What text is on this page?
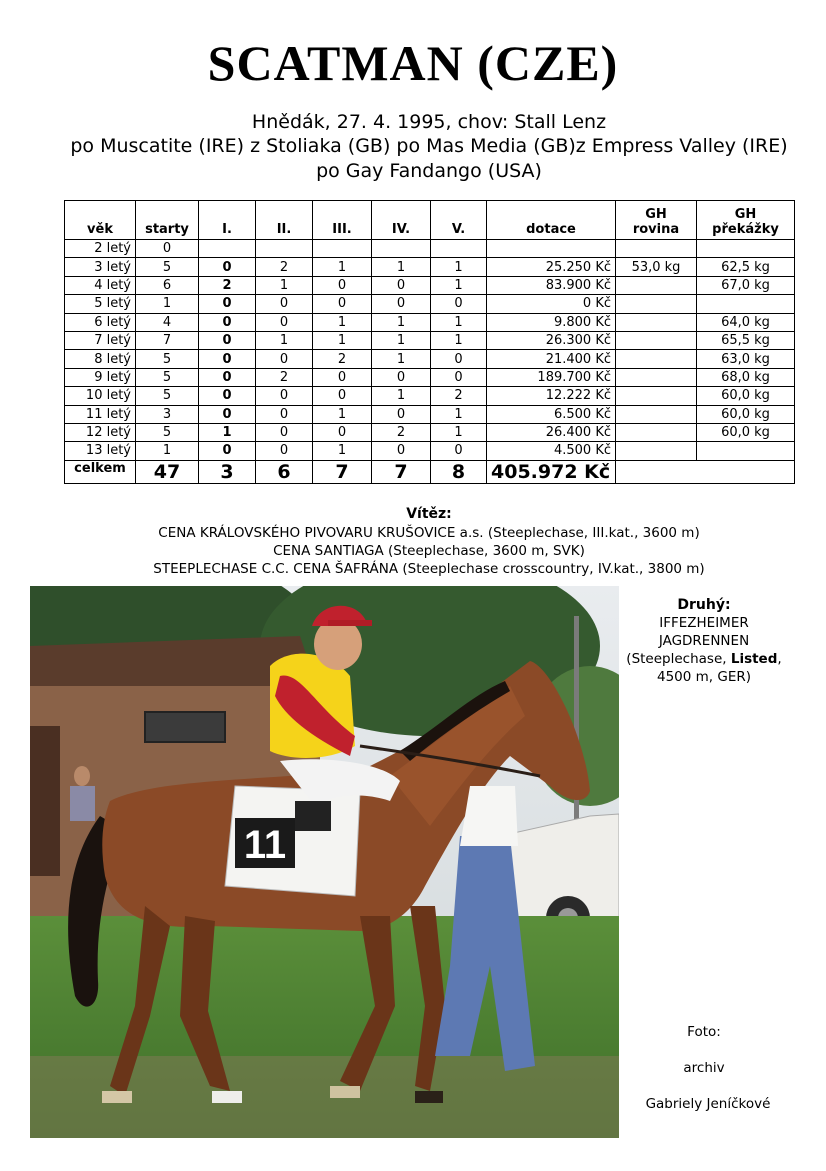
SCATMAN (CZE)
Hnědák, 27. 4. 1995, chov: Stall Lenz
po Muscatite (IRE) z Stoliaka (GB) po Mas Media (GB)z Empress Valley (IRE)
po Gay Fandango (USA)
věk	starty	I.	II.	III.	IV.	V.	dotace	GH rovina	GH překážky
2 letý	0								
3 letý	5	0	2	1	1	1	25.250 Kč	53,0 kg	62,5 kg
4 letý	6	2	1	0	0	1	83.900 Kč		67,0 kg
5 letý	1	0	0	0	0	0	0 Kč		
6 letý	4	0	0	1	1	1	9.800 Kč		64,0 kg
7 letý	7	0	1	1	1	1	26.300 Kč		65,5 kg
8 letý	5	0	0	2	1	0	21.400 Kč		63,0 kg
9 letý	5	0	2	0	0	0	189.700 Kč		68,0 kg
10 letý	5	0	0	0	1	2	12.222 Kč		60,0 kg
11 letý	3	0	0	1	0	1	6.500 Kč		60,0 kg
12 letý	5	1	0	0	2	1	26.400 Kč		60,0 kg
13 letý	1	0	0	1	0	0	4.500 Kč		
celkem	47	3	6	7	7	8	405.972 Kč		
Vítěz:
CENA KRÁLOVSKÉHO PIVOVARU KRUŠOVICE a.s. (Steeplechase, III.kat., 3600 m)
CENA SANTIAGA (Steeplechase, 3600 m, SVK)
STEEPLECHASE C.C. CENA ŠAFRÁNA (Steeplechase crosscountry, IV.kat., 3800 m)
11
Druhý:
IFFEZHEIMER
JAGDRENNEN
(Steeplechase, Listed,
4500 m, GER)
Foto:
archiv
Gabriely Jeníčkové
